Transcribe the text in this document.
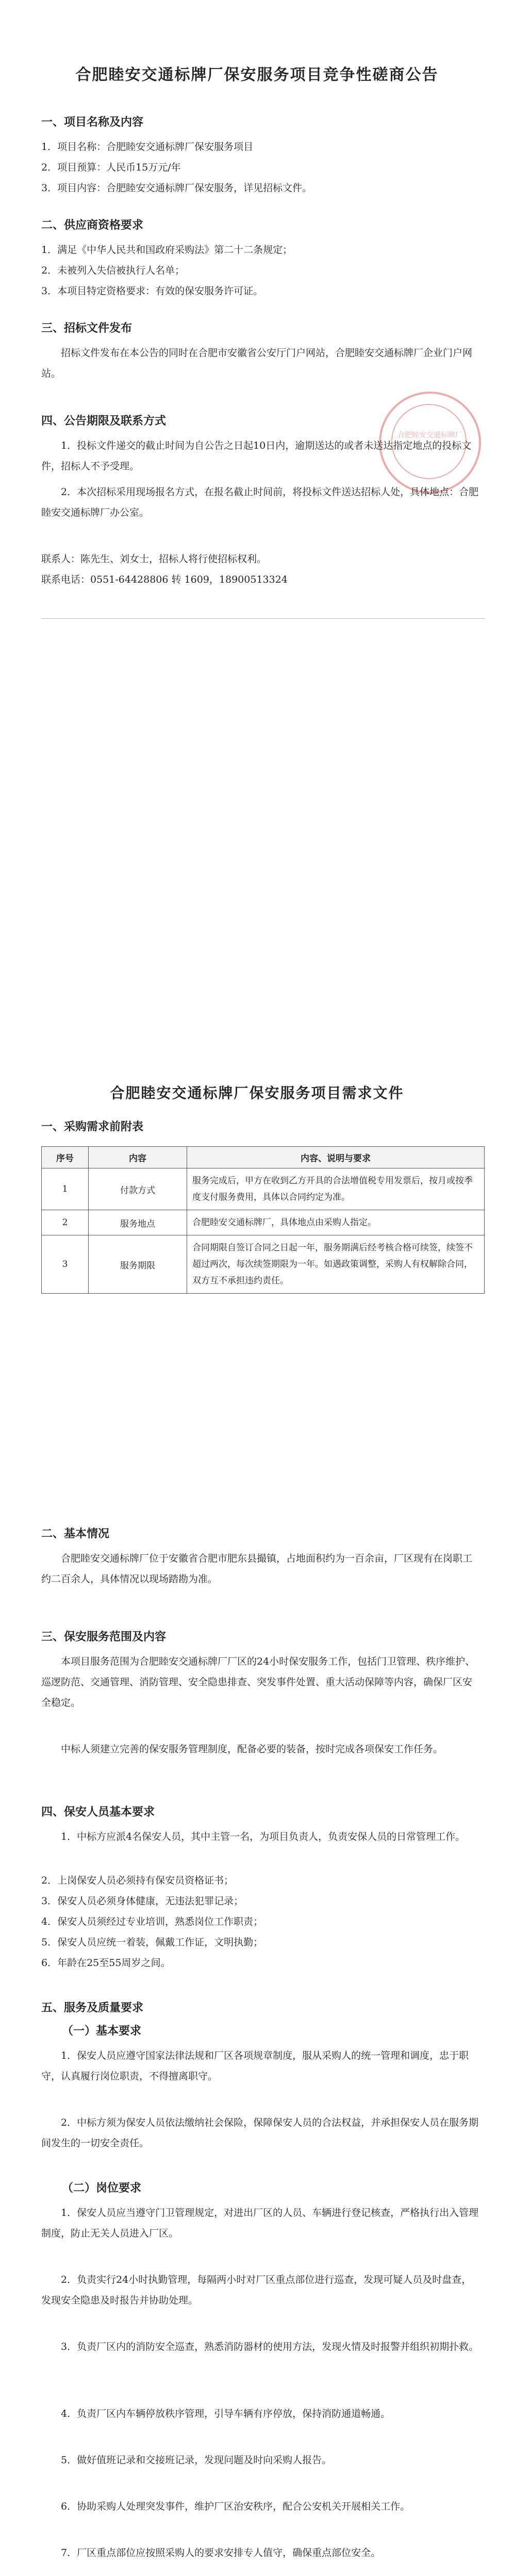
合肥睦安交通标牌厂保安服务项目竞争性磋商公告
一、项目名称及内容
1．项目名称：合肥睦安交通标牌厂保安服务项目
2．项目预算：人民币15万元/年
3．项目内容：合肥睦安交通标牌厂保安服务，详见招标文件。
二、供应商资格要求
1．满足《中华人民共和国政府采购法》第二十二条规定；
2．未被列入失信被执行人名单；
3．本项目特定资格要求：有效的保安服务许可证。
三、招标文件发布
招标文件发布在本公告的同时在合肥市安徽省公安厅门户网站，合肥睦安交通标牌厂企业门户网站。
合肥睦安交通标牌厂
四、公告期限及联系方式
1．投标文件递交的截止时间为自公告之日起10日内，逾期送达的或者未送达指定地点的投标文件，招标人不予受理。
2．本次招标采用现场报名方式，在报名截止时间前，将投标文件送达招标人处，具体地点：合肥睦安交通标牌厂办公室。
联系人：陈先生、刘女士，招标人将行使招标权利。
联系电话：0551-64428806 转 1609，18900513324
合肥睦安交通标牌厂保安服务项目需求文件
一、采购需求前附表
序号	内容	内容、说明与要求
1	付款方式	服务完成后，甲方在收到乙方开具的合法增值税专用发票后，按月或按季度支付服务费用，具体以合同约定为准。
2	服务地点	合肥睦安交通标牌厂，具体地点由采购人指定。
3	服务期限	合同期限自签订合同之日起一年，服务期满后经考核合格可续签，续签不超过两次，每次续签期限为一年。如遇政策调整，采购人有权解除合同，双方互不承担违约责任。
二、基本情况
合肥睦安交通标牌厂位于安徽省合肥市肥东县撮镇，占地面积约为一百余亩，厂区现有在岗职工约二百余人，具体情况以现场踏勘为准。
三、保安服务范围及内容
本项目服务范围为合肥睦安交通标牌厂厂区的24小时保安服务工作，包括门卫管理、秩序维护、巡逻防范、交通管理、消防管理、安全隐患排查、突发事件处置、重大活动保障等内容，确保厂区安全稳定。
中标人须建立完善的保安服务管理制度，配备必要的装备，按时完成各项保安工作任务。
四、保安人员基本要求
1．中标方应派4名保安人员，其中主管一名，为项目负责人，负责安保人员的日常管理工作。
2．上岗保安人员必须持有保安员资格证书；
3．保安人员必须身体健康，无违法犯罪记录；
4．保安人员须经过专业培训，熟悉岗位工作职责；
5．保安人员应统一着装，佩戴工作证，文明执勤；
6．年龄在25至55周岁之间。
五、服务及质量要求
（一）基本要求
1．保安人员应遵守国家法律法规和厂区各项规章制度，服从采购人的统一管理和调度，忠于职守，认真履行岗位职责，不得擅离职守。
2．中标方须为保安人员依法缴纳社会保险，保障保安人员的合法权益，并承担保安人员在服务期间发生的一切安全责任。
（二）岗位要求
1．保安人员应当遵守门卫管理规定，对进出厂区的人员、车辆进行登记核查，严格执行出入管理制度，防止无关人员进入厂区。
2．负责实行24小时执勤管理，每隔两小时对厂区重点部位进行巡查，发现可疑人员及时盘查，发现安全隐患及时报告并协助处理。
3．负责厂区内的消防安全巡查，熟悉消防器材的使用方法，发现火情及时报警并组织初期扑救。
4．负责厂区内车辆停放秩序管理，引导车辆有序停放，保持消防通道畅通。
5．做好值班记录和交接班记录，发现问题及时向采购人报告。
6．协助采购人处理突发事件，维护厂区治安秩序，配合公安机关开展相关工作。
7．厂区重点部位应按照采购人的要求安排专人值守，确保重点部位安全。
